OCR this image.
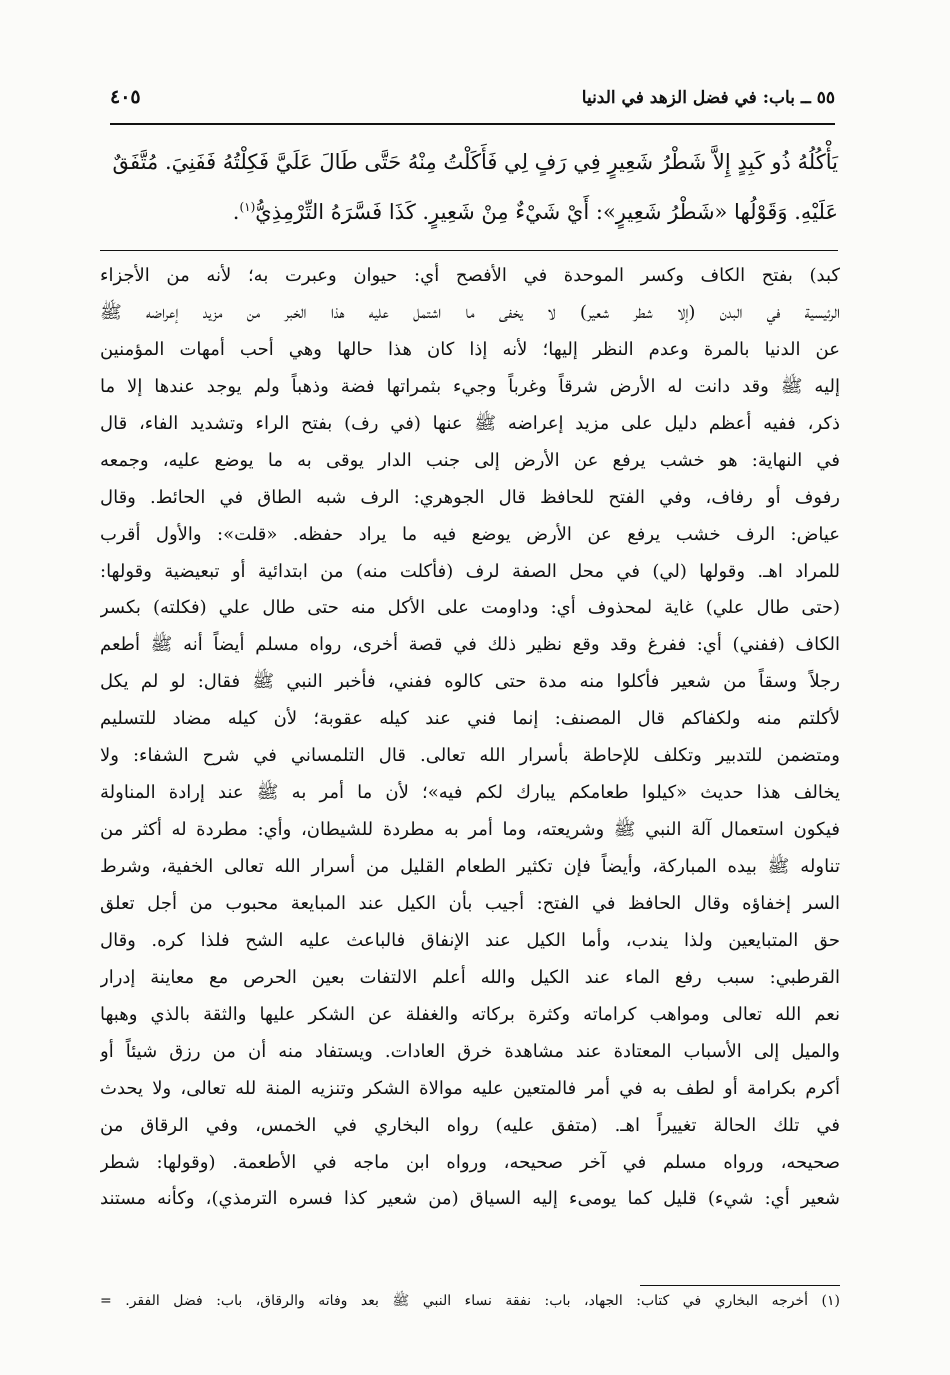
٥٥ ــ باب: في فضل الزهد في الدنيا
٤٠٥
يَأْكُلُهُ ذُو كَبِدٍ إِلاَّ شَطْرُ شَعِيرٍ فِي رَفٍ لِي فَأَكَلْتُ مِنْهُ حَتَّى طَالَ عَلَيَّ فَكِلْتُهُ فَفَنِيَ. مُتَّفَقٌ
عَلَيْهِ. وَقَوْلُها «شَطْرُ شَعِيرٍ»: أَيْ شَيْءٌ مِنْ شَعِيرٍ. كَذَا فَسَّرَهُ التِّرْمِذِيُّ$^{(١)}$.
كبد) بفتح الكاف وكسر الموحدة في الأفصح أي: حيوان وعبرت به؛ لأنه من الأجزاء
الرئيسية في البدن (إلا شطر شعير) لا يخفى ما اشتمل عليه هذا الخبر من مزيد إعراضه ﷺ
عن الدنيا بالمرة وعدم النظر إليها؛ لأنه إذا كان هذا حالها وهي أحب أمهات المؤمنين
إليه ﷺ وقد دانت له الأرض شرقاً وغرباً وجيء بثمراتها فضة وذهباً ولم يوجد عندها إلا ما
ذكر، ففيه أعظم دليل على مزيد إعراضه ﷺ عنها (في رف) بفتح الراء وتشديد الفاء، قال
في النهاية: هو خشب يرفع عن الأرض إلى جنب الدار يوقى به ما يوضع عليه، وجمعه
رفوف أو رفاف، وفي الفتح للحافظ قال الجوهري: الرف شبه الطاق في الحائط. وقال
عياض: الرف خشب يرفع عن الأرض يوضع فيه ما يراد حفظه. «قلت»: والأول أقرب
للمراد اهـ. وقولها (لي) في محل الصفة لرف (فأكلت منه) من ابتدائية أو تبعيضية وقولها:
(حتى طال علي) غاية لمحذوف أي: وداومت على الأكل منه حتى طال علي (فكلته) بكسر
الكاف (ففني) أي: ففرغ وقد وقع نظير ذلك في قصة أخرى، رواه مسلم أيضاً أنه ﷺ أطعم
رجلاً وسقاً من شعير فأكلوا منه مدة حتى كالوه ففني، فأخبر النبي ﷺ فقال: لو لم يكل
لأكلتم منه ولكفاكم قال المصنف: إنما فني عند كيله عقوبة؛ لأن كيله مضاد للتسليم
ومتضمن للتدبير وتكلف للإحاطة بأسرار الله تعالى. قال التلمساني في شرح الشفاء: ولا
يخالف هذا حديث «كيلوا طعامكم يبارك لكم فيه»؛ لأن ما أمر به ﷺ عند إرادة المناولة
فيكون استعمال آلة النبي ﷺ وشريعته، وما أمر به مطردة للشيطان، وأي: مطردة له أكثر من
تناوله ﷺ بيده المباركة، وأيضاً فإن تكثير الطعام القليل من أسرار الله تعالى الخفية، وشرط
السر إخفاؤه وقال الحافظ في الفتح: أجيب بأن الكيل عند المبايعة محبوب من أجل تعلق
حق المتبايعين ولذا يندب، وأما الكيل عند الإنفاق فالباعث عليه الشح فلذا كره. وقال
القرطبي: سبب رفع الماء عند الكيل والله أعلم الالتفات بعين الحرص مع معاينة إدرار
نعم الله تعالى ومواهب كراماته وكثرة بركاته والغفلة عن الشكر عليها والثقة بالذي وهبها
والميل إلى الأسباب المعتادة عند مشاهدة خرق العادات. ويستفاد منه أن من رزق شيئاً أو
أكرم بكرامة أو لطف به في أمر فالمتعين عليه موالاة الشكر وتنزيه المنة لله تعالى، ولا يحدث
في تلك الحالة تغييراً اهـ. (متفق عليه) رواه البخاري في الخمس، وفي الرقاق من
صحيحه، ورواه مسلم في آخر صحيحه، ورواه ابن ماجه في الأطعمة. (وقولها: شطر
شعير أي: شيء) قليل كما يومىء إليه السياق (من شعير كذا فسره الترمذي)، وكأنه مستند
(١) أخرجه البخاري في كتاب: الجهاد، باب: نفقة نساء النبي ﷺ بعد وفاته والرقاق، باب: فضل الفقر. =
